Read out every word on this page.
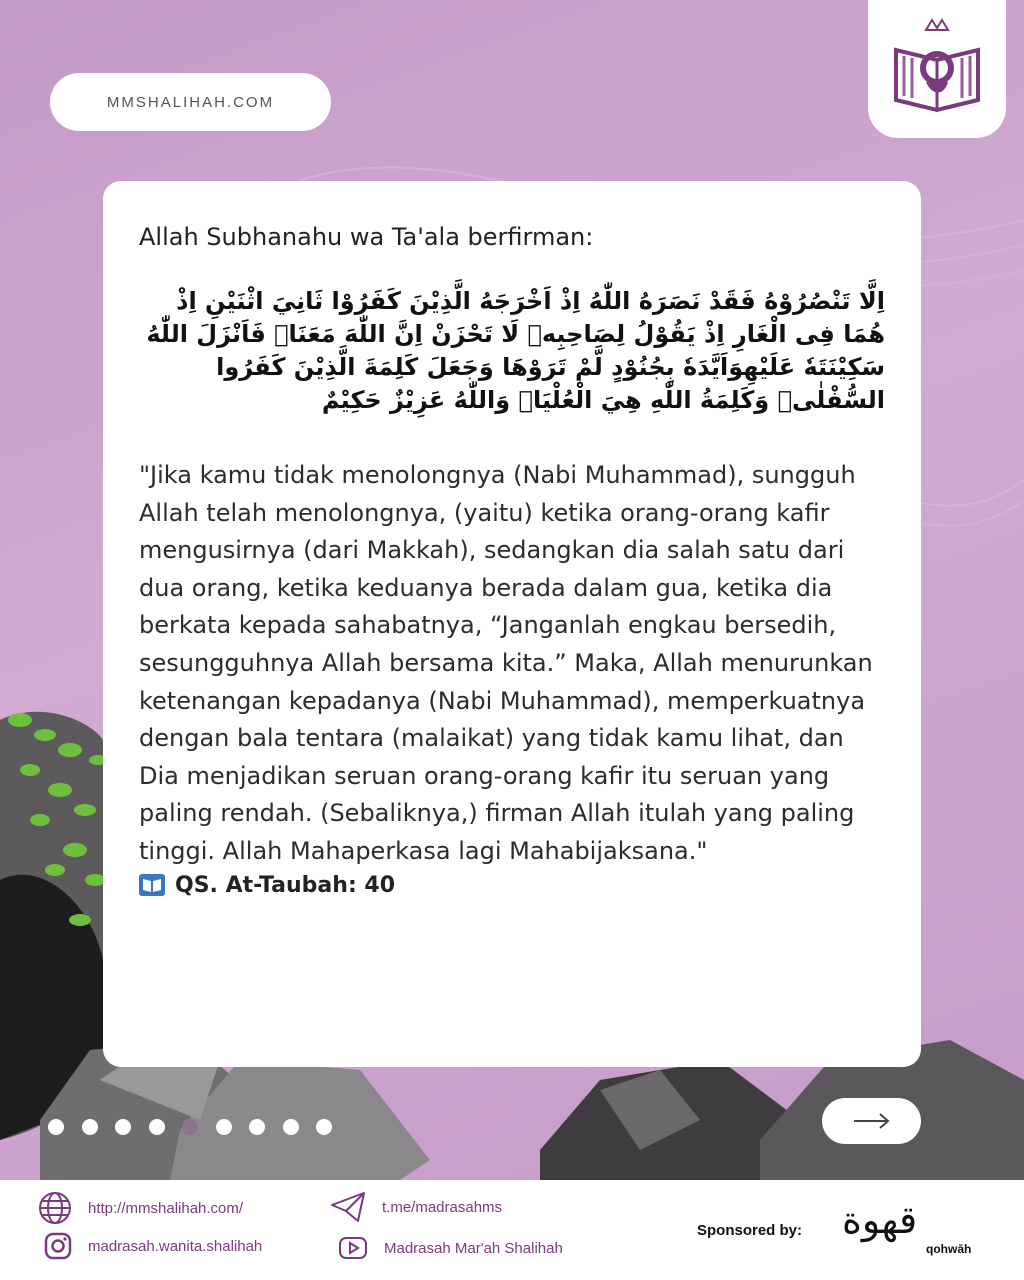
MMSHALIHAH.COM

Allah Subhanahu wa Ta'ala berfirman:

اِلَّا تَنْصُرُوْهُ فَقَدْ نَصَرَهُ اللّٰهُ اِذْ اَخْرَجَهُ الَّذِيْنَ كَفَرُوْا ثَانِيَ اثْنَيْنِ اِذْ هُمَا فِى الْغَارِ اِذْ يَقُوْلُ لِصَاحِبِهٖ لَا تَحْزَنْ اِنَّ اللّٰهَ مَعَنَاۚ فَاَنْزَلَ اللّٰهُ سَكِيْنَتَهٗ عَلَيْهِوَاَيَّدَهٗ بِجُنُوْدٍ لَّمْ تَرَوْهَا وَجَعَلَ كَلِمَةَ الَّذِيْنَ كَفَرُوا السُّفْلٰىۗ وَكَلِمَةُ اللّٰهِ هِيَ الْعُلْيَاۗ وَاللّٰهُ عَزِيْزٌ حَكِيْمٌ
"Jika kamu tidak menolongnya (Nabi Muhammad), sungguh Allah telah menolongnya, (yaitu) ketika orang-orang kafir mengusirnya (dari Makkah), sedangkan dia salah satu dari dua orang, ketika keduanya berada dalam gua, ketika dia berkata kepada sahabatnya, “Janganlah engkau bersedih, sesungguhnya Allah bersama kita.” Maka, Allah menurunkan ketenangan kepadanya (Nabi Muhammad), memperkuatnya dengan bala tentara (malaikat) yang tidak kamu lihat, dan Dia menjadikan seruan orang-orang kafir itu seruan yang paling rendah. (Sebaliknya,) firman Allah itulah yang paling tinggi. Allah Mahaperkasa lagi Mahabijaksana."
QS. At-Taubah: 40
http://mmshalihah.com/
madrasah.wanita.shalihah
t.me/madrasahms
Madrasah Mar'ah Shalihah
Sponsored by: قهوة
qohwāh
